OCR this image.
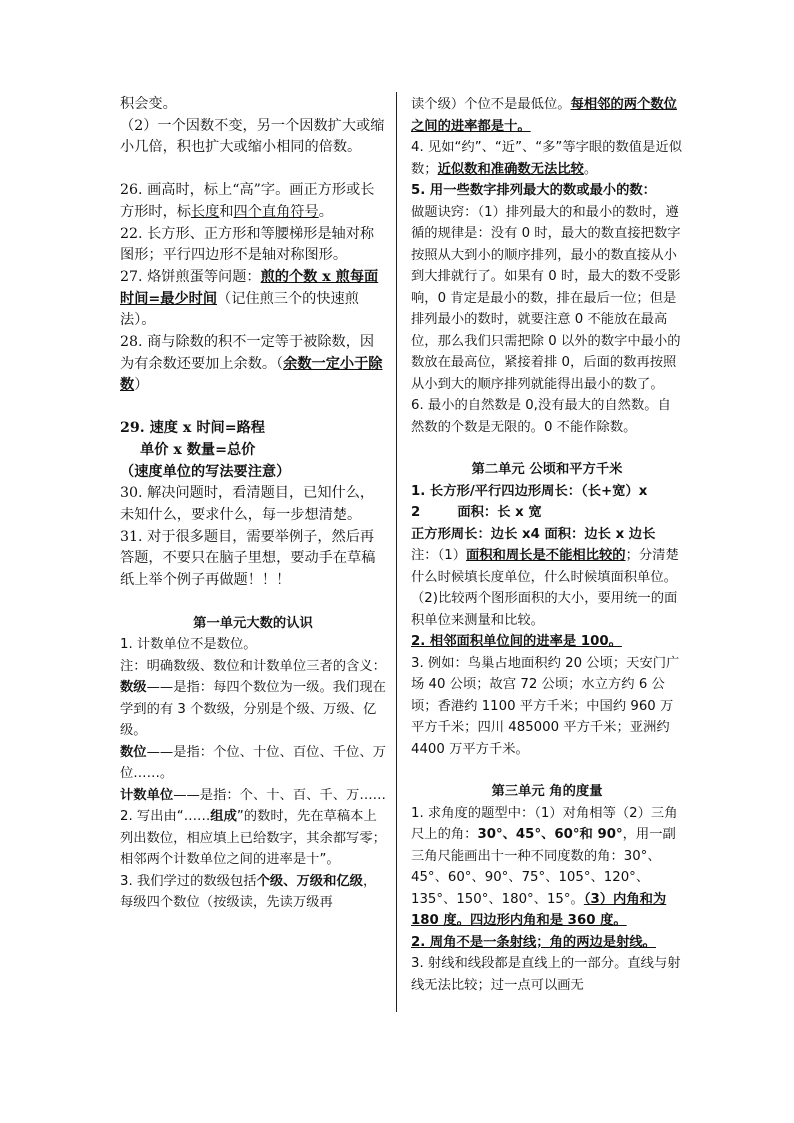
积会变。

（2）一个因数不变，另一个因数扩大或缩小几倍，积也扩大或缩小相同的倍数。

26. 画高时，标上“高”字。画正方形或长方形时，标长度和四个直角符号。

22. 长方形、正方形和等腰梯形是轴对称图形；平行四边形不是轴对称图形。

27. 烙饼煎蛋等问题：煎的个数 x 煎每面时间=最少时间（记住煎三个的快速煎法）。

28. 商与除数的积不一定等于被除数，因为有余数还要加上余数。（余数一定小于除数）

29. 速度 x 时间=路程

单价 x 数量=总价

（速度单位的写法要注意）

30. 解决问题时，看清题目，已知什么，未知什么，要求什么，每一步想清楚。

31. 对于很多题目，需要举例子，然后再答题，不要只在脑子里想，要动手在草稿纸上举个例子再做题！！！

第一单元大数的认识

1. 计数单位不是数位。

注：明确数级、数位和计数单位三者的含义：

数级——是指：每四个数位为一级。我们现在学到的有 3 个数级，分别是个级、万级、亿级。

数位——是指：个位、十位、百位、千位、万位……。

计数单位——是指：个、十、百、千、万……

2. 写出由“……组成”的数时，先在草稿本上列出数位，相应填上已给数字，其余都写零；相邻两个计数单位之间的进率是十”。

3. 我们学过的数级包括个级、万级和亿级，每级四个数位（按级读，先读万级再

读个级）个位不是最低位。每相邻的两个数位之间的进率都是十。

4. 见如“约”、“近”、“多”等字眼的数值是近似数；近似数和准确数无法比较。

5. 用一些数字排列最大的数或最小的数：

做题诀窍：（1）排列最大的和最小的数时，遵循的规律是：没有 0 时，最大的数直接把数字按照从大到小的顺序排列，最小的数直接从小到大排就行了。如果有 0 时，最大的数不受影响，0 肯定是最小的数，排在最后一位；但是排列最小的数时，就要注意 0 不能放在最高位，那么我们只需把除 0 以外的数字中最小的数放在最高位，紧接着排 0，后面的数再按照从小到大的顺序排列就能得出最小的数了。

6. 最小的自然数是 0,没有最大的自然数。自然数的个数是无限的。0 不能作除数。

第二单元 公顷和平方千米

1. 长方形/平行四边形周长：（长+宽）x 2	面积：长 x 宽

正方形周长：边长 x4 面积：边长 x 边长

注：（1）面积和周长是不能相比较的；分清楚什么时候填长度单位，什么时候填面积单位。（2)比较两个图形面积的大小，要用统一的面积单位来测量和比较。

2. 相邻面积单位间的进率是 100。

3. 例如：鸟巢占地面积约 20 公顷；天安门广场 40 公顷；故宫 72 公顷；水立方约 6 公顷；香港约 1100 平方千米；中国约 960 万平方千米；四川 485000 平方千米；亚洲约 4400 万平方千米。

第三单元 角的度量

1. 求角度的题型中：（1）对角相等（2）三角尺上的角：30°、45°、60°和 90°，用一副三角尺能画出十一种不同度数的角：30°、45°、60°、90°、75°、105°、120°、135°、150°、180°、15°。（3）内角和为 180 度。四边形内角和是 360 度。

2. 周角不是一条射线；角的两边是射线。

3. 射线和线段都是直线上的一部分。直线与射线无法比较；过一点可以画无
